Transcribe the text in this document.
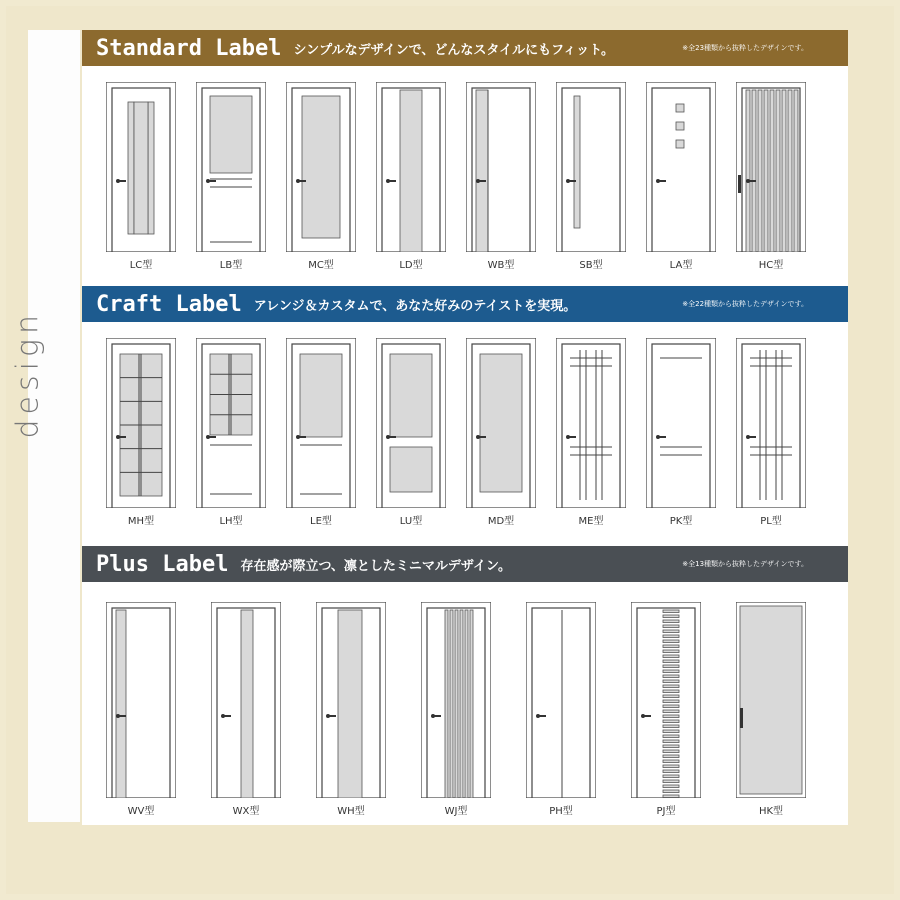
Standard Label シンプルなデザインで、どんなスタイルにもフィット。	※全23種類から抜粋したデザインです。
LC型	LB型	MC型	LD型	WB型	SB型	LA型	HC型
Craft Label アレンジ＆カスタムで、あなた好みのテイストを実現。	※全22種類から抜粋したデザインです。
MH型	LH型	LE型	LU型	MD型	ME型	PK型	PL型
Plus Label 存在感が際立つ、凛としたミニマルデザイン。	※全13種類から抜粋したデザインです。
WV型	WX型	WH型	WJ型	PH型	PJ型	HK型
